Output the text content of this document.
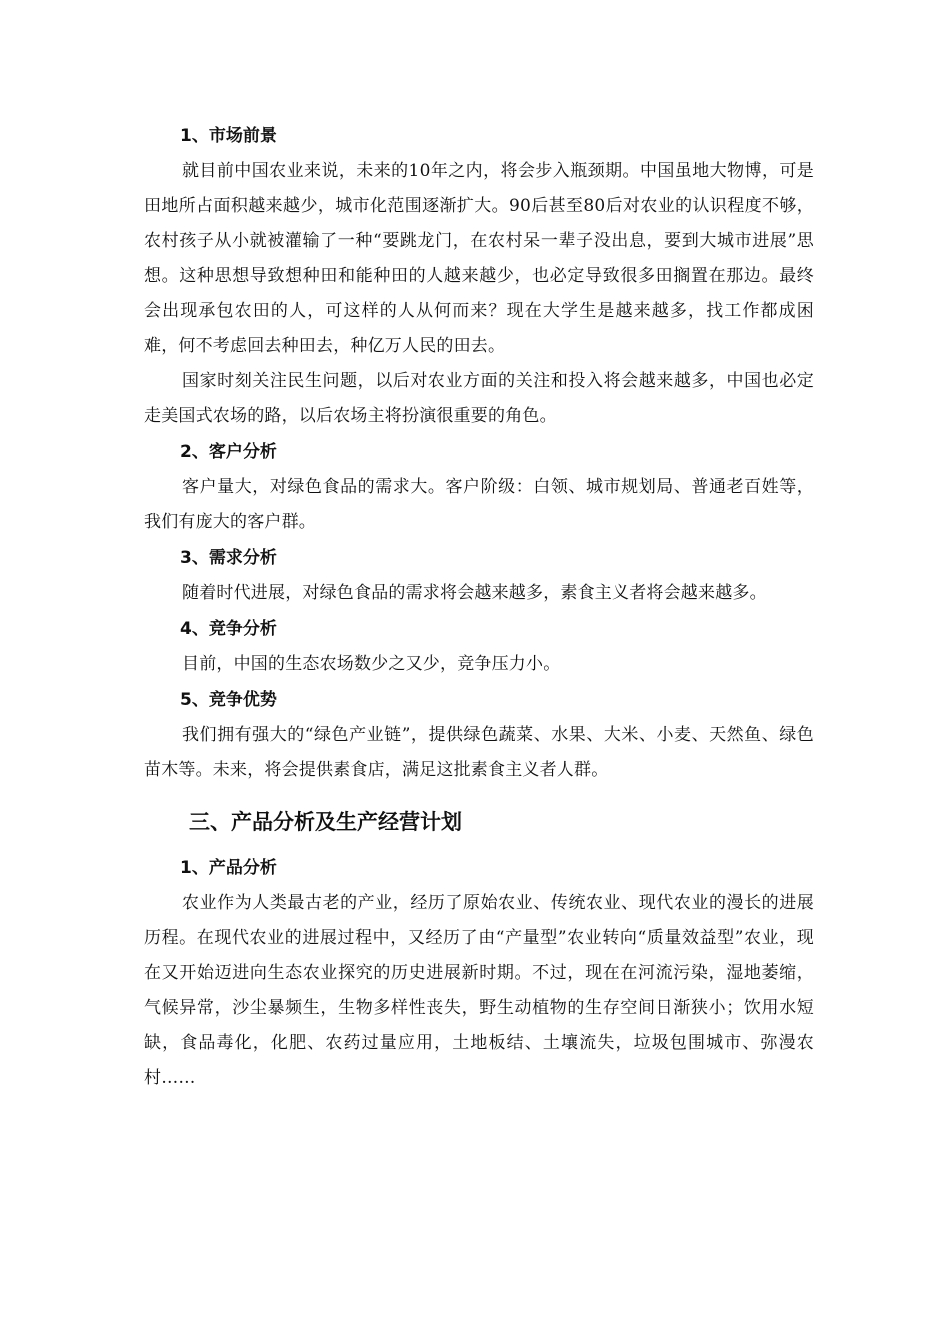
1、市场前景
就目前中国农业来说，未来的10年之内，将会步入瓶颈期。中国虽地大物博，可是田地所占面积越来越少，城市化范围逐渐扩大。90后甚至80后对农业的认识程度不够，农村孩子从小就被灌输了一种“要跳龙门，在农村呆一辈子没出息，要到大城市进展”思想。这种思想导致想种田和能种田的人越来越少，也必定导致很多田搁置在那边。最终会出现承包农田的人，可这样的人从何而来？现在大学生是越来越多，找工作都成困难，何不考虑回去种田去，种亿万人民的田去。
国家时刻关注民生问题，以后对农业方面的关注和投入将会越来越多，中国也必定走美国式农场的路，以后农场主将扮演很重要的角色。
2、客户分析
客户量大，对绿色食品的需求大。客户阶级：白领、城市规划局、普通老百姓等，我们有庞大的客户群。
3、需求分析
随着时代进展，对绿色食品的需求将会越来越多，素食主义者将会越来越多。
4、竞争分析
目前，中国的生态农场数少之又少，竞争压力小。
5、竞争优势
我们拥有强大的“绿色产业链”，提供绿色蔬菜、水果、大米、小麦、天然鱼、绿色苗木等。未来，将会提供素食店，满足这批素食主义者人群。
三、产品分析及生产经营计划
1、产品分析
农业作为人类最古老的产业，经历了原始农业、传统农业、现代农业的漫长的进展历程。在现代农业的进展过程中，又经历了由“产量型”农业转向“质量效益型”农业，现在又开始迈进向生态农业探究的历史进展新时期。不过，现在在河流污染，湿地萎缩，气候异常，沙尘暴频生，生物多样性丧失，野生动植物的生存空间日渐狭小；饮用水短缺，食品毒化，化肥、农药过量应用，土地板结、土壤流失，垃圾包围城市、弥漫农村……
